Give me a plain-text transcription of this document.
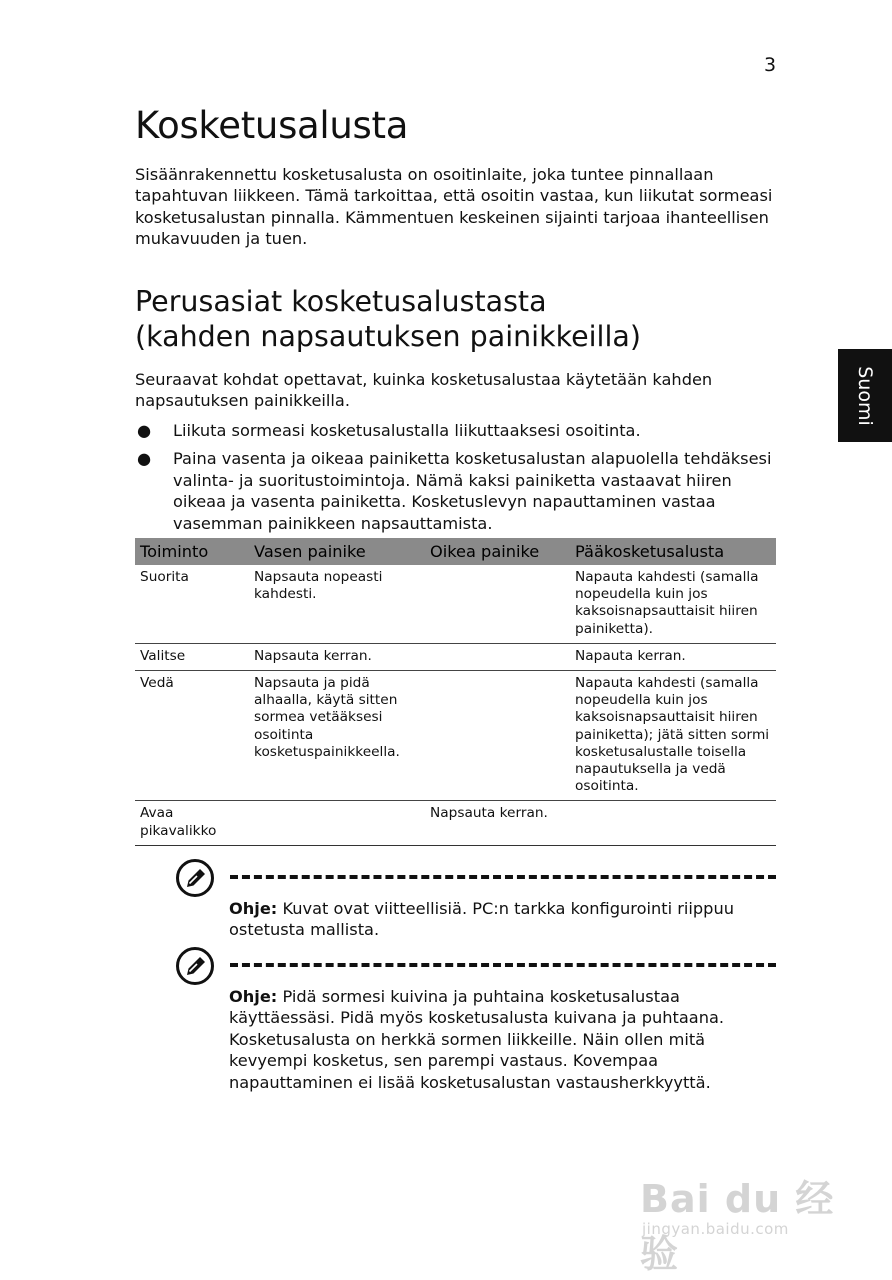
3
Kosketusalusta

Sisäänrakennettu kosketusalusta on osoitinlaite, joka tuntee pinnallaan tapahtuvan liikkeen. Tämä tarkoittaa, että osoitin vastaa, kun liikutat sormeasi kosketusalustan pinnalla. Kämmentuen keskeinen sijainti tarjoaa ihanteellisen mukavuuden ja tuen.

Perusasiat kosketusalustasta
(kahden napsautuksen painikkeilla)

Seuraavat kohdat opettavat, kuinka kosketusalustaa käytetään kahden napsautuksen painikkeilla.

● Liikuta sormeasi kosketusalustalla liikuttaaksesi osoitinta.
● Paina vasenta ja oikeaa painiketta kosketusalustan alapuolella tehdäksesi valinta- ja suoritustoimintoja. Nämä kaksi painiketta vastaavat hiiren oikeaa ja vasenta painiketta. Kosketuslevyn napauttaminen vastaa vasemman painikkeen napsauttamista.
Toiminto	Vasen painike	Oikea painike	Pääkosketusalusta
Suorita	Napsauta nopeasti kahdesti.		Napauta kahdesti (samalla nopeudella kuin jos kaksoisnapsauttaisit hiiren painiketta).
Valitse	Napsauta kerran.		Napauta kerran.
Vedä	Napsauta ja pidä alhaalla, käytä sitten sormea vetääksesi osoitinta kosketuspainikkeella.		Napauta kahdesti (samalla nopeudella kuin jos kaksoisnapsauttaisit hiiren painiketta); jätä sitten sormi kosketusalustalle toisella napautuksella ja vedä osoitinta.
Avaa pikavalikko		Napsauta kerran.	

Ohje: Kuvat ovat viitteellisiä. PC:n tarkka konfigurointi riippuu ostetusta mallista.

Ohje: Pidä sormesi kuivina ja puhtaina kosketusalustaa käyttäessäsi. Pidä myös kosketusalusta kuivana ja puhtaana. Kosketusalusta on herkkä sormen liikkeille. Näin ollen mitä kevyempi kosketus, sen parempi vastaus. Kovempaa napauttaminen ei lisää kosketusalustan vastausherkkyyttä.

Suomi
Bai du 经验
jingyan.baidu.com
